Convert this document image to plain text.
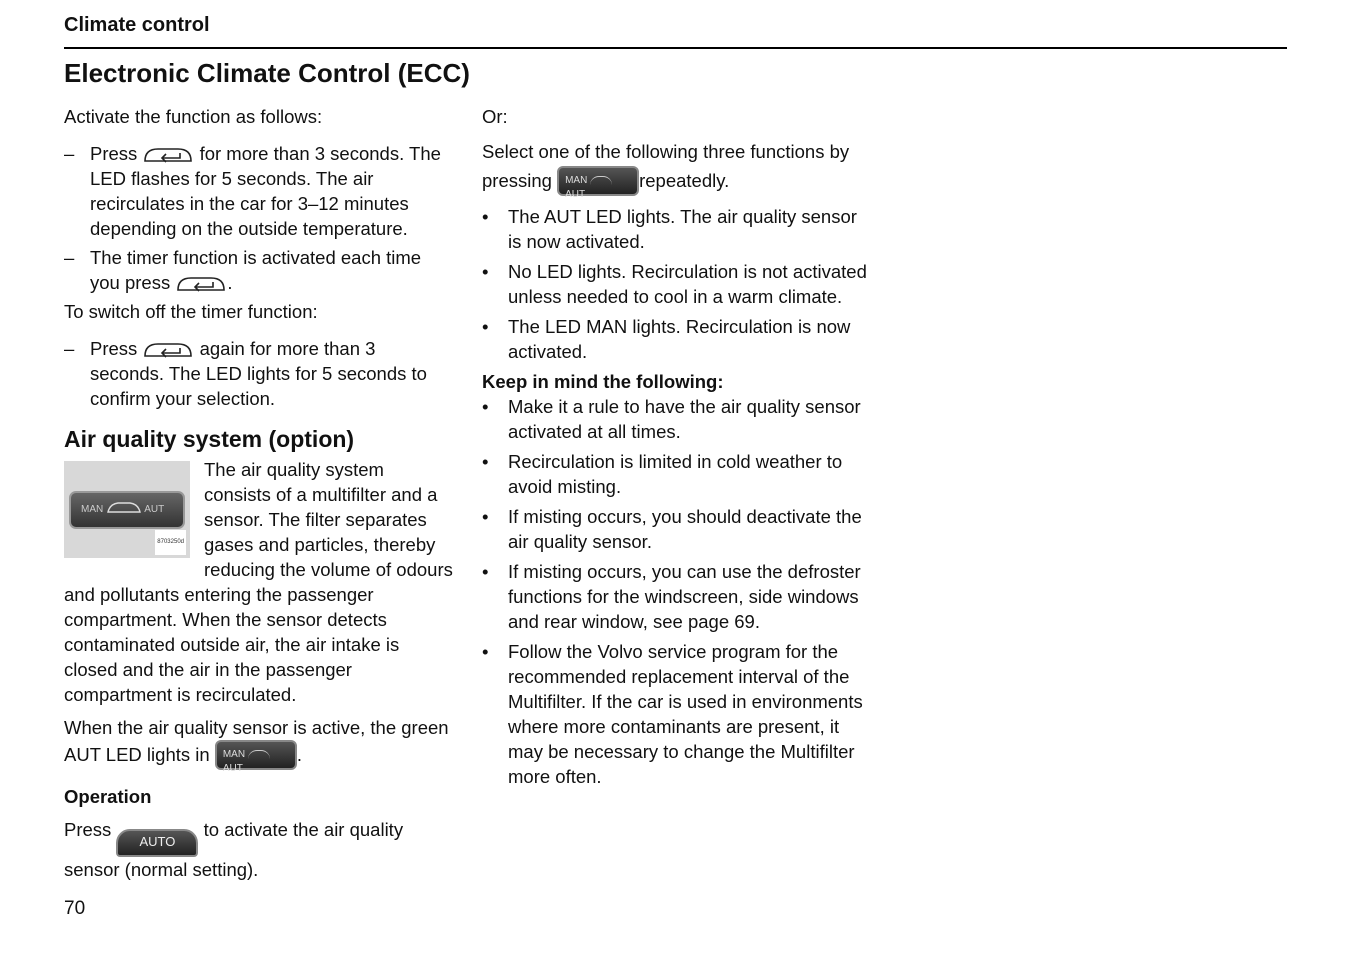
Climate control
Electronic Climate Control (ECC)

Activate the function as follows:

– Press	for more than 3 seconds. The LED flashes for 5 seconds. The air recirculates in the car for 3–12 minutes depending on the outside temperature.
– The timer function is activated each time you press	.

To switch off the timer function:

– Press	again for more than 3 seconds. The LED lights for 5 seconds to confirm your selection.
Air quality system (option)
MAN	AUT
8703250d

The air quality system consists of a multifilter and a sensor. The filter separates gases and particles, thereby reducing the volume of odours and pollutants entering the passenger compartment. When the sensor detects contaminated outside air, the air intake is closed and the air in the passenger compartment is recirculated.

When the air quality sensor is active, the green AUT LED lights in MAN  AUT.

Operation

Press AUTO to activate the air quality sensor (normal setting).

Or:

Select one of the following three functions by pressing MAN  AUTrepeatedly.

• The AUT LED lights. The air quality sensor is now activated.
• No LED lights. Recirculation is not activated unless needed to cool in a warm climate.
• The LED MAN lights. Recirculation is now activated.

Keep in mind the following:

• Make it a rule to have the air quality sensor activated at all times.
• Recirculation is limited in cold weather to avoid misting.
• If misting occurs, you should deactivate the air quality sensor.
• If misting occurs, you can use the defroster functions for the windscreen, side windows and rear window, see page 69.
• Follow the Volvo service program for the recommended replacement interval of the Multifilter. If the car is used in environments where more contaminants are present, it may be necessary to change the Multifilter more often.
70
